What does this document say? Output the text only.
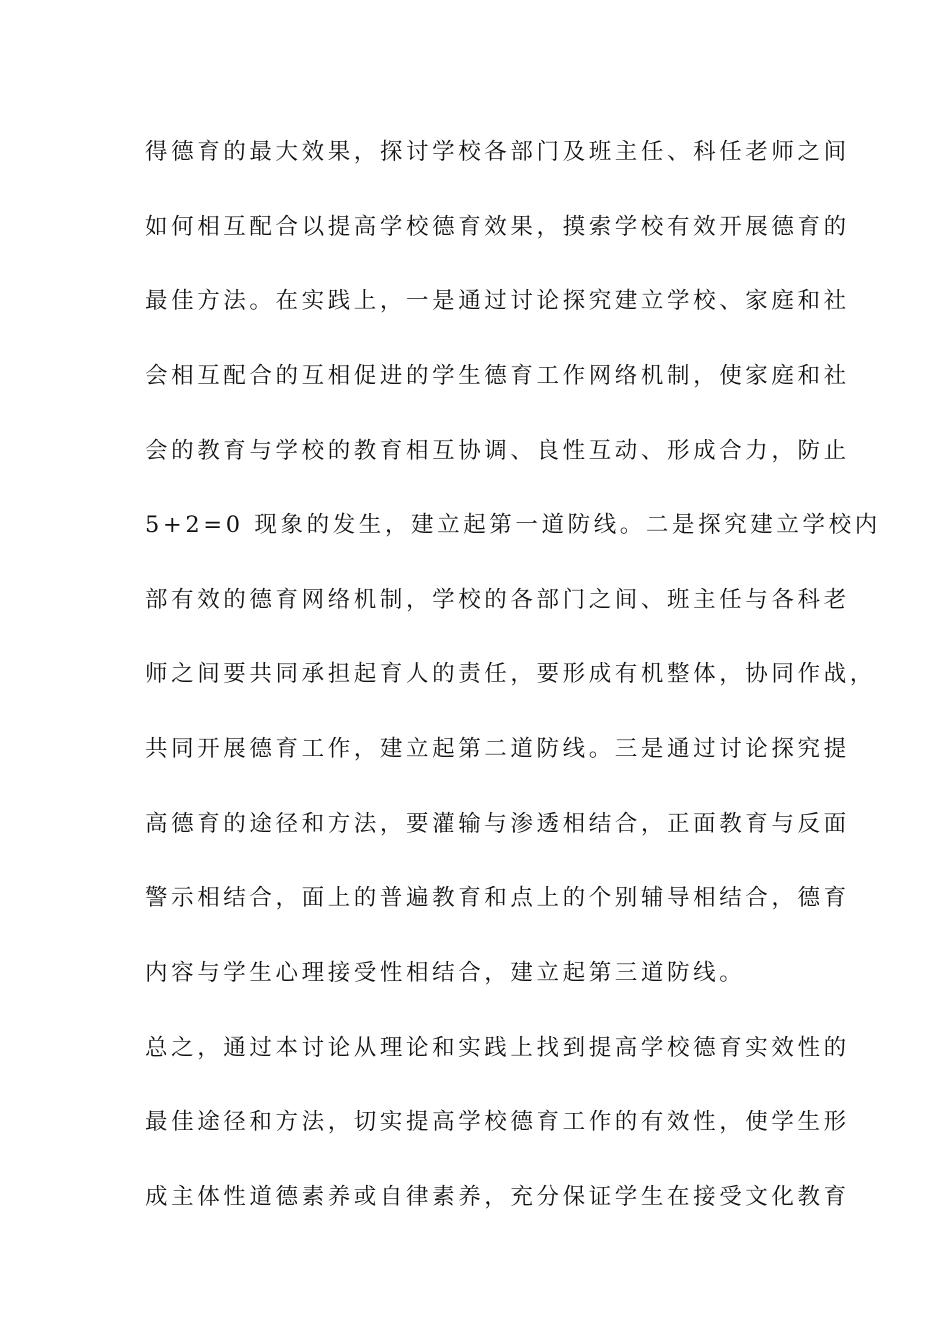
得德育的最大效果，探讨学校各部门及班主任、科任老师之间
如何相互配合以提高学校德育效果，摸索学校有效开展德育的
最佳方法。在实践上，一是通过讨论探究建立学校、家庭和社
会相互配合的互相促进的学生德育工作网络机制，使家庭和社
会的教育与学校的教育相互协调、良性互动、形成合力，防止
5+2=0 现象的发生，建立起第一道防线。二是探究建立学校内
部有效的德育网络机制，学校的各部门之间、班主任与各科老
师之间要共同承担起育人的责任，要形成有机整体，协同作战，
共同开展德育工作，建立起第二道防线。三是通过讨论探究提
高德育的途径和方法，要灌输与渗透相结合，正面教育与反面
警示相结合，面上的普遍教育和点上的个别辅导相结合，德育
内容与学生心理接受性相结合，建立起第三道防线。
总之，通过本讨论从理论和实践上找到提高学校德育实效性的
最佳途径和方法，切实提高学校德育工作的有效性，使学生形
成主体性道德素养或自律素养，充分保证学生在接受文化教育
